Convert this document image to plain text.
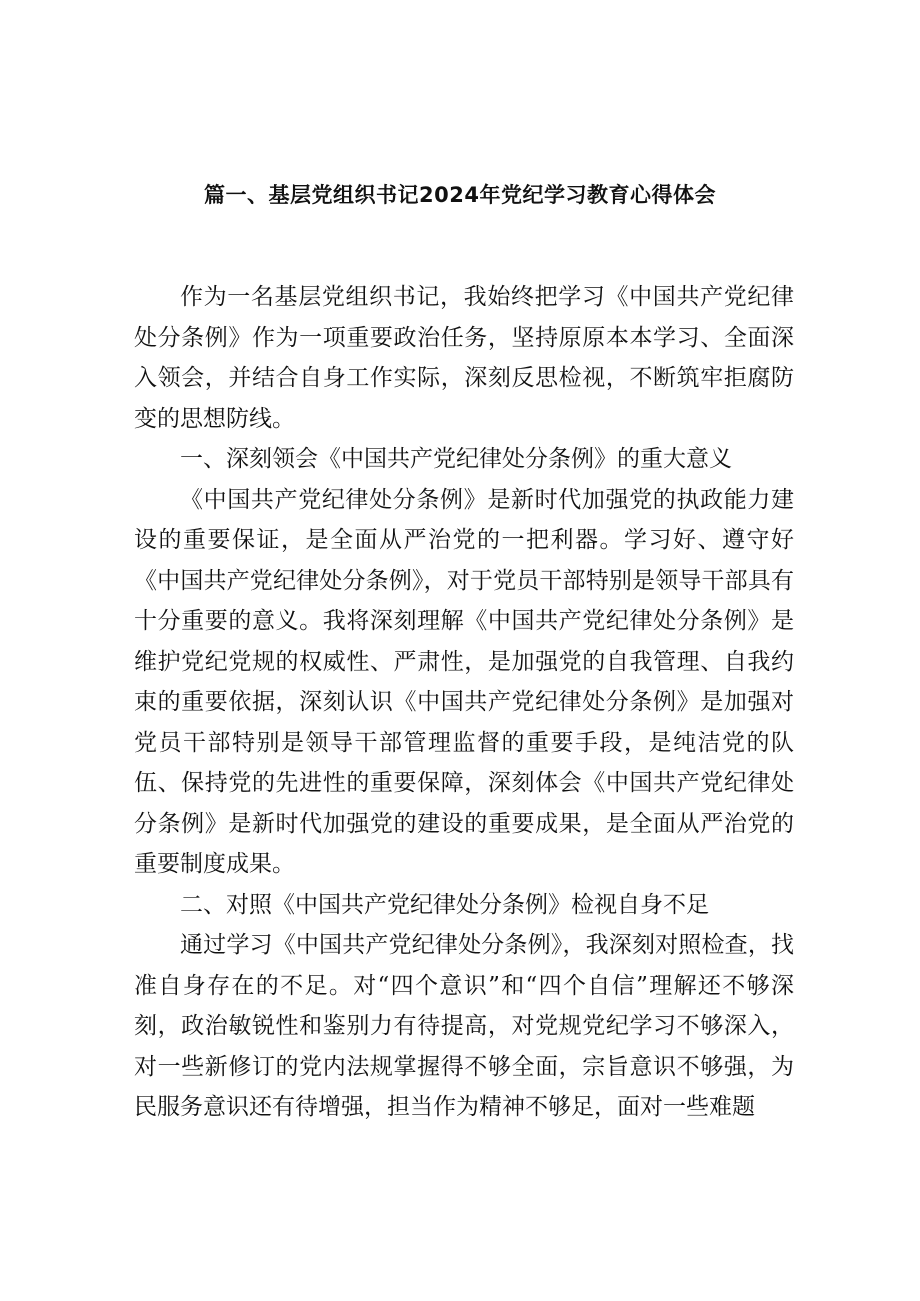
篇一、基层党组织书记2024年党纪学习教育心得体会

作为一名基层党组织书记，我始终把学习《中国共产党纪律处分条例》作为一项重要政治任务，坚持原原本本学习、全面深入领会，并结合自身工作实际，深刻反思检视，不断筑牢拒腐防变的思想防线。

一、深刻领会《中国共产党纪律处分条例》的重大意义

《中国共产党纪律处分条例》是新时代加强党的执政能力建设的重要保证，是全面从严治党的一把利器。学习好、遵守好《中国共产党纪律处分条例》，对于党员干部特别是领导干部具有十分重要的意义。我将深刻理解《中国共产党纪律处分条例》是维护党纪党规的权威性、严肃性，是加强党的自我管理、自我约束的重要依据，深刻认识《中国共产党纪律处分条例》是加强对党员干部特别是领导干部管理监督的重要手段，是纯洁党的队伍、保持党的先进性的重要保障，深刻体会《中国共产党纪律处分条例》是新时代加强党的建设的重要成果，是全面从严治党的重要制度成果。

二、对照《中国共产党纪律处分条例》检视自身不足

通过学习《中国共产党纪律处分条例》，我深刻对照检查，找准自身存在的不足。对“四个意识”和“四个自信”理解还不够深刻，政治敏锐性和鉴别力有待提高，对党规党纪学习不够深入，对一些新修订的党内法规掌握得不够全面，宗旨意识不够强，为民服务意识还有待增强，担当作为精神不够足，面对一些难题
